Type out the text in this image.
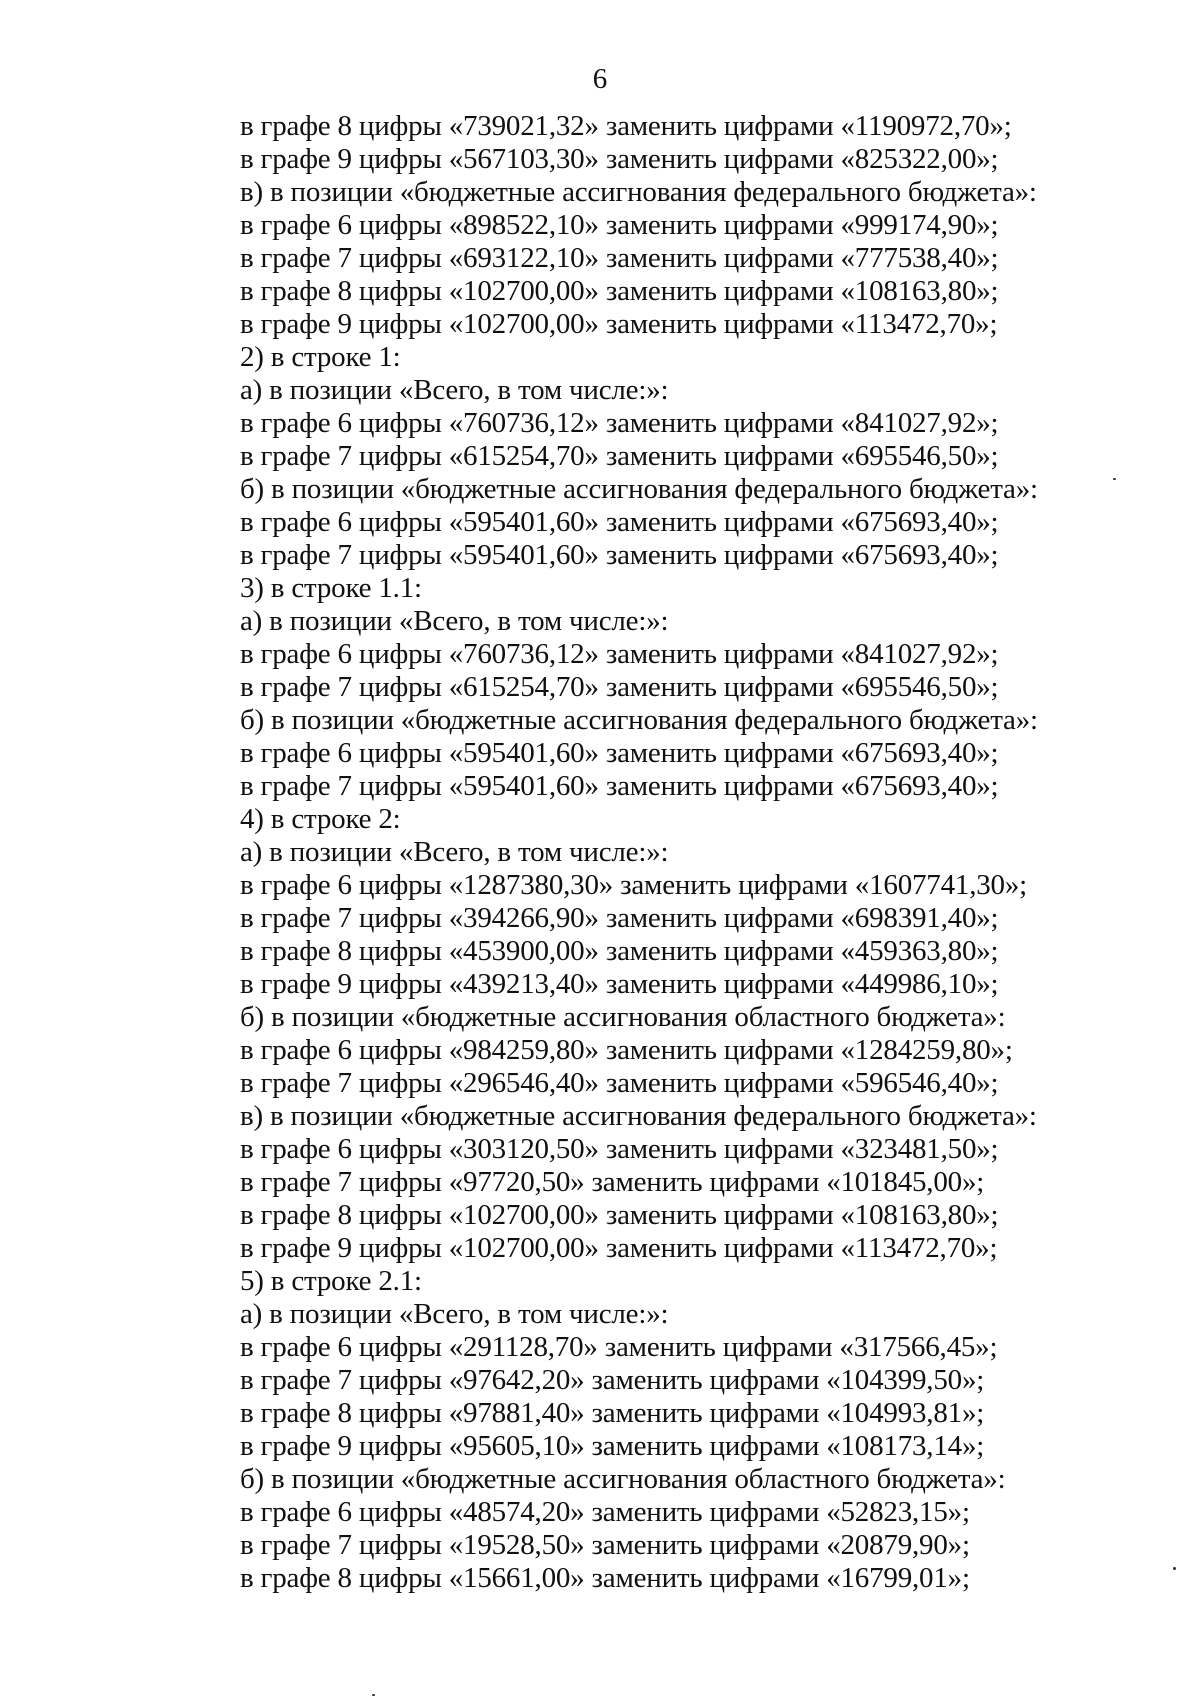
6
в графе 8 цифры «739021,32» заменить цифрами «1190972,70»;
в графе 9 цифры «567103,30» заменить цифрами «825322,00»;
в) в позиции «бюджетные ассигнования федерального бюджета»:
в графе 6 цифры «898522,10» заменить цифрами «999174,90»;
в графе 7 цифры «693122,10» заменить цифрами «777538,40»;
в графе 8 цифры «102700,00» заменить цифрами «108163,80»;
в графе 9 цифры «102700,00» заменить цифрами «113472,70»;
2) в строке 1:
а) в позиции «Всего, в том числе:»:
в графе 6 цифры «760736,12» заменить цифрами «841027,92»;
в графе 7 цифры «615254,70» заменить цифрами «695546,50»;
б) в позиции «бюджетные ассигнования федерального бюджета»:
в графе 6 цифры «595401,60» заменить цифрами «675693,40»;
в графе 7 цифры «595401,60» заменить цифрами «675693,40»;
3) в строке 1.1:
а) в позиции «Всего, в том числе:»:
в графе 6 цифры «760736,12» заменить цифрами «841027,92»;
в графе 7 цифры «615254,70» заменить цифрами «695546,50»;
б) в позиции «бюджетные ассигнования федерального бюджета»:
в графе 6 цифры «595401,60» заменить цифрами «675693,40»;
в графе 7 цифры «595401,60» заменить цифрами «675693,40»;
4) в строке 2:
а) в позиции «Всего, в том числе:»:
в графе 6 цифры «1287380,30» заменить цифрами «1607741,30»;
в графе 7 цифры «394266,90» заменить цифрами «698391,40»;
в графе 8 цифры «453900,00» заменить цифрами «459363,80»;
в графе 9 цифры «439213,40» заменить цифрами «449986,10»;
б) в позиции «бюджетные ассигнования областного бюджета»:
в графе 6 цифры «984259,80» заменить цифрами «1284259,80»;
в графе 7 цифры «296546,40» заменить цифрами «596546,40»;
в) в позиции «бюджетные ассигнования федерального бюджета»:
в графе 6 цифры «303120,50» заменить цифрами «323481,50»;
в графе 7 цифры «97720,50» заменить цифрами «101845,00»;
в графе 8 цифры «102700,00» заменить цифрами «108163,80»;
в графе 9 цифры «102700,00» заменить цифрами «113472,70»;
5) в строке 2.1:
а) в позиции «Всего, в том числе:»:
в графе 6 цифры «291128,70» заменить цифрами «317566,45»;
в графе 7 цифры «97642,20» заменить цифрами «104399,50»;
в графе 8 цифры «97881,40» заменить цифрами «104993,81»;
в графе 9 цифры «95605,10» заменить цифрами «108173,14»;
б) в позиции «бюджетные ассигнования областного бюджета»:
в графе 6 цифры «48574,20» заменить цифрами «52823,15»;
в графе 7 цифры «19528,50» заменить цифрами «20879,90»;
в графе 8 цифры «15661,00» заменить цифрами «16799,01»;
